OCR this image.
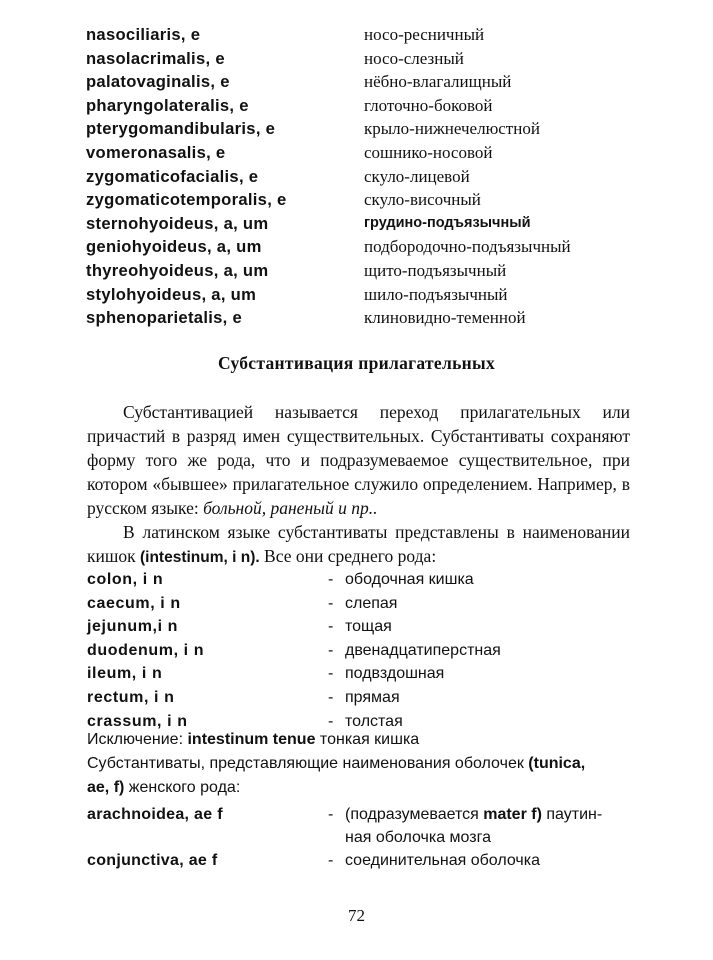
nasociliaris, e	носо-ресничный
nasolacrimalis, e	носо-слезный
palatovaginalis, e	нёбно-влагалищный
pharyngolateralis, e	глоточно-боковой
pterygomandibularis, e	крыло-нижнечелюстной
vomeronasalis, e	сошнико-носовой
zygomaticofacialis, e	скуло-лицевой
zygomaticotemporalis, e	скуло-височный
sternohyoideus, a, um	грудино-подъязычный
geniohyoideus, a, um	подбородочно-подъязычный
thyreohyoideus, a, um	щито-подъязычный
stylohyoideus, a, um	шило-подъязычный
sphenoparietalis, e	клиновидно-теменной
Субстантивация прилагательных
Субстантивацией называется переход прилагательных или причастий в разряд имен существительных. Субстантиваты сохраняют форму того же рода, что и подразумеваемое существительное, при котором «бывшее» прилагательное служило определением. Например, в русском языке: больной, раненый и пр..
В латинском языке субстантиваты представлены в наименовании кишок (intestinum, i n). Все они среднего рода:
colon, i n	- ободочная кишка
caecum, i n	- слепая
jejunum,i n	- тощая
duodenum, i n	- двенадцатиперстная
ileum, i n	- подвздошная
rectum, i n	- прямая
crassum, i n	- толстая
Исключение: intestinum tenue тонкая кишка
Субстантиваты, представляющие наименования оболочек (tunica,
ae, f) женского рода:
arachnoidea, ae f	- (подразумевается mater f) паутин-
ная оболочка мозга
conjunctiva, ae f	- соединительная оболочка
72
